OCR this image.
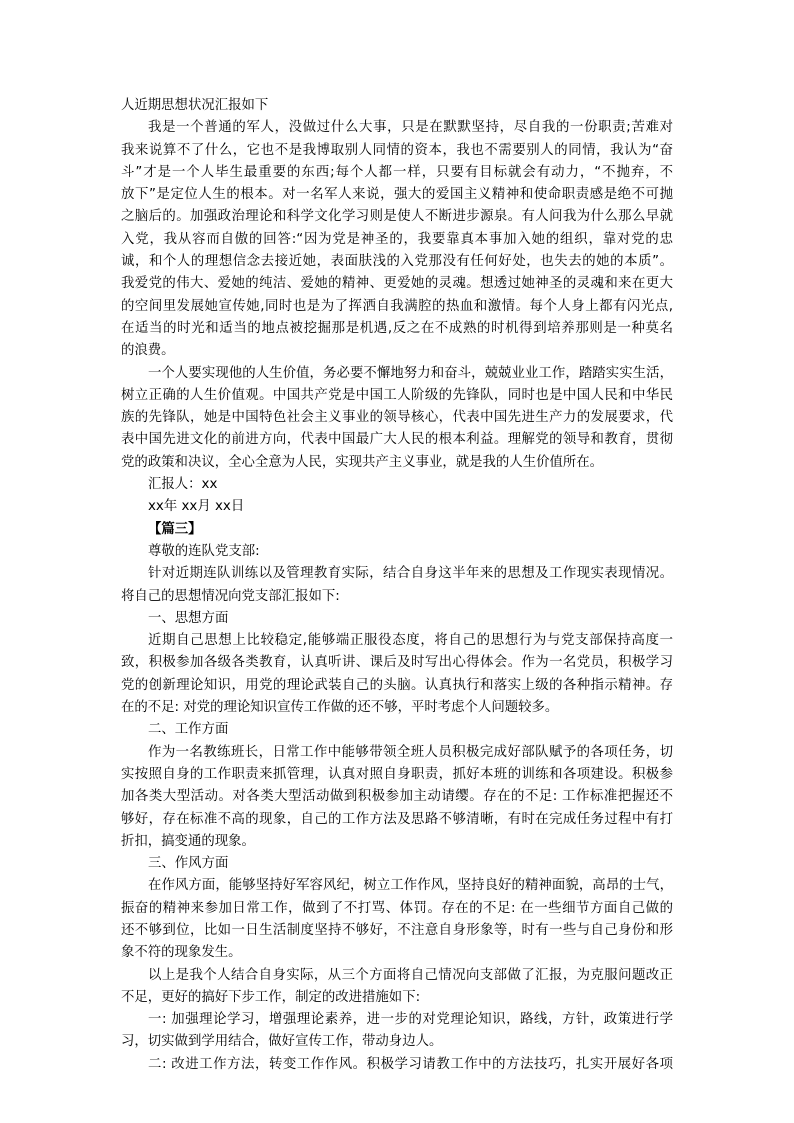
人近期思想状况汇报如下
我是一个普通的军人，没做过什么大事，只是在默默坚持，尽自我的一份职责;苦难对
我来说算不了什么，它也不是我博取别人同情的资本，我也不需要别人的同情，我认为“奋
斗”才是一个人毕生最重要的东西;每个人都一样，只要有目标就会有动力，“不抛弃，不
放下”是定位人生的根本。对一名军人来说，强大的爱国主义精神和使命职责感是绝不可抛
之脑后的。加强政治理论和科学文化学习则是使人不断进步源泉。有人问我为什么那么早就
入党，我从容而自傲的回答:“因为党是神圣的，我要靠真本事加入她的组织，靠对党的忠
诚，和个人的理想信念去接近她，表面肤浅的入党那没有任何好处，也失去的她的本质”。
我爱党的伟大、爱她的纯洁、爱她的精神、更爱她的灵魂。想透过她神圣的灵魂和来在更大
的空间里发展她宣传她,同时也是为了挥洒自我满腔的热血和激情。每个人身上都有闪光点,
在适当的时光和适当的地点被挖掘那是机遇,反之在不成熟的时机得到培养那则是一种莫名
的浪费。
一个人要实现他的人生价值，务必要不懈地努力和奋斗，兢兢业业工作，踏踏实实生活，
树立正确的人生价值观。中国共产党是中国工人阶级的先锋队，同时也是中国人民和中华民
族的先锋队，她是中国特色社会主义事业的领导核心，代表中国先进生产力的发展要求，代
表中国先进文化的前进方向，代表中国最广大人民的根本利益。理解党的领导和教育，贯彻
党的政策和决议，全心全意为人民，实现共产主义事业，就是我的人生价值所在。
汇报人：xx
xx年 xx月 xx日
【篇三】
尊敬的连队党支部:
针对近期连队训练以及管理教育实际，结合自身这半年来的思想及工作现实表现情况。
将自己的思想情况向党支部汇报如下:
一、思想方面
近期自己思想上比较稳定,能够端正服役态度，将自己的思想行为与党支部保持高度一
致，积极参加各级各类教育，认真听讲、课后及时写出心得体会。作为一名党员，积极学习
党的创新理论知识，用党的理论武装自己的头脑。认真执行和落实上级的各种指示精神。存
在的不足: 对党的理论知识宣传工作做的还不够，平时考虑个人问题较多。
二、工作方面
作为一名教练班长，日常工作中能够带领全班人员积极完成好部队赋予的各项任务，切
实按照自身的工作职责来抓管理，认真对照自身职责，抓好本班的训练和各项建设。积极参
加各类大型活动。对各类大型活动做到积极参加主动请缨。存在的不足: 工作标准把握还不
够好，存在标准不高的现象，自己的工作方法及思路不够清晰，有时在完成任务过程中有打
折扣，搞变通的现象。
三、作风方面
在作风方面，能够坚持好军容风纪，树立工作作风，坚持良好的精神面貌，高昂的士气，
振奋的精神来参加日常工作，做到了不打骂、体罚。存在的不足: 在一些细节方面自己做的
还不够到位，比如一日生活制度坚持不够好，不注意自身形象等，时有一些与自己身份和形
象不符的现象发生。
以上是我个人结合自身实际，从三个方面将自己情况向支部做了汇报，为克服问题改正
不足，更好的搞好下步工作，制定的改进措施如下:
一: 加强理论学习，增强理论素养，进一步的对党理论知识，路线，方针，政策进行学
习，切实做到学用结合，做好宣传工作，带动身边人。
二: 改进工作方法，转变工作作风。积极学习请教工作中的方法技巧，扎实开展好各项
